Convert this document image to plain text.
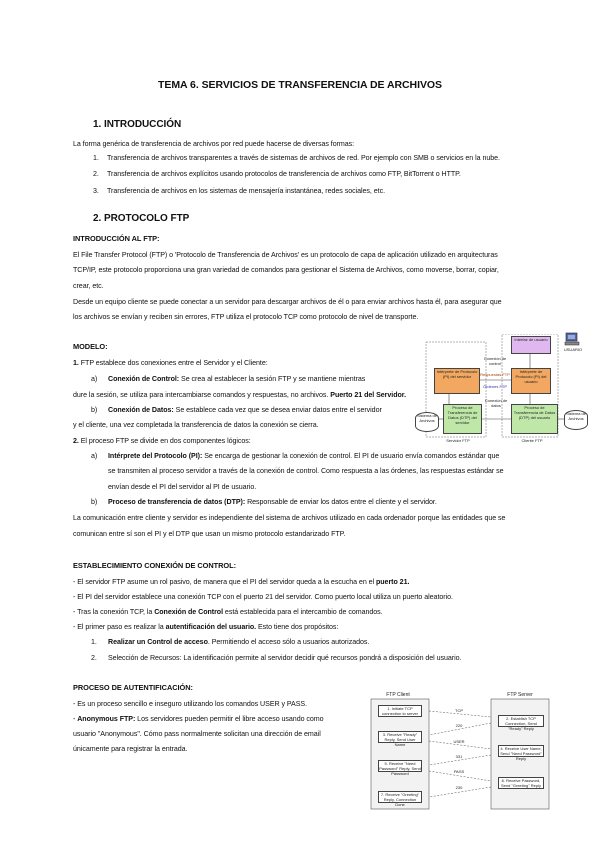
TEMA 6. SERVICIOS DE TRANSFERENCIA DE ARCHIVOS
1. INTRODUCCIÓN
La forma genérica de transferencia de archivos por red puede hacerse de diversas formas:
1. Transferencia de archivos transparentes a través de sistemas de archivos de red. Por ejemplo con SMB o servicios en la nube.
2. Transferencia de archivos explícitos usando protocolos de transferencia de archivos como FTP, BitTorrent o HTTP.
3. Transferencia de archivos en los sistemas de mensajería instantánea, redes sociales, etc.
2. PROTOCOLO FTP
INTRODUCCIÓN AL FTP:
El File Transfer Protocol (FTP) o 'Protocolo de Transferencia de Archivos' es un protocolo de capa de aplicación utilizado en arquitecturas
TCP/IP, este protocolo proporciona una gran variedad de comandos para gestionar el Sistema de Archivos, como moverse, borrar, copiar,
crear, etc.
Desde un equipo cliente se puede conectar a un servidor para descargar archivos de él o para enviar archivos hasta él, para asegurar que
los archivos se envían y reciben sin errores, FTP utiliza el protocolo TCP como protocolo de nivel de transporte.
MODELO:
1. FTP establece dos conexiones entre el Servidor y el Cliente:
a) Conexión de Control: Se crea al establecer la sesión FTP y se mantiene mientras
dure la sesión, se utiliza para intercambiarse comandos y respuestas, no archivos. Puerto 21 del Servidor.
b) Conexión de Datos: Se establece cada vez que se desea enviar datos entre el servidor
y el cliente, una vez completada la transferencia de datos la conexión se cierra.
2. El proceso FTP se divide en dos componentes lógicos:
a) Intérprete del Protocolo (PI): Se encarga de gestionar la conexión de control. El PI de usuario envía comandos estándar que
se transmiten al proceso servidor a través de la conexión de control. Como respuesta a las órdenes, las respuestas estándar se
envían desde el PI del servidor al PI de usuario.
b) Proceso de transferencia de datos (DTP): Responsable de enviar los datos entre el cliente y el servidor.
La comunicación entre cliente y servidor es independiente del sistema de archivos utilizado en cada ordenador porque las entidades que se
comunican entre sí son el PI y el DTP que usan un mismo protocolo estandarizado FTP.
USUARIO
Interfaz de usuario
Intérprete de Protocolo (PI) del servidor
Intérprete de Protocolo (PI) del usuario
Conexión de control
Respuestas FTP
Órdenes FTP
Proceso de Transferencia de Datos (DTP) del servidor
Proceso de Transferencia de Datos (DTP) del usuario
Conexión de datos
Sistema de Archivos
Sistema de Archivos
Servidor FTP	Cliente FTP
ESTABLECIMIENTO CONEXIÓN DE CONTROL:
- El servidor FTP asume un rol pasivo, de manera que el PI del servidor queda a la escucha en el puerto 21.
- El PI del servidor establece una conexión TCP con el puerto 21 del servidor. Como puerto local utiliza un puerto aleatorio.
- Tras la conexión TCP, la Conexión de Control está establecida para el intercambio de comandos.
- El primer paso es realizar la autentificación del usuario. Esto tiene dos propósitos:
1. Realizar un Control de acceso. Permitiendo el acceso sólo a usuarios autorizados.
2. Selección de Recursos: La identificación permite al servidor decidir qué recursos pondrá a disposición del usuario.
PROCESO DE AUTENTIFICACIÓN:
- Es un proceso sencillo e inseguro utilizando los comandos USER y PASS.
- Anonymous FTP: Los servidores pueden permitir el libre acceso usando como
usuario "Anonymous". Cómo pass normalmente solicitan una dirección de email
únicamente para registrar la entrada.
FTP Client	FTP Server
1. Initiate TCP connection to server
3. Receive "Ready" Reply, Send User Name
5. Receive "Need Password" Reply, Send Password
7. Receive "Greeting" Reply, Connection Done
2. Establish TCP Connection, Send "Ready" Reply
4. Receive User Name, Send "Need Password" Reply
6. Receive Password, Send "Greeting" Reply
TCP
220
USER
331
PASS
230
